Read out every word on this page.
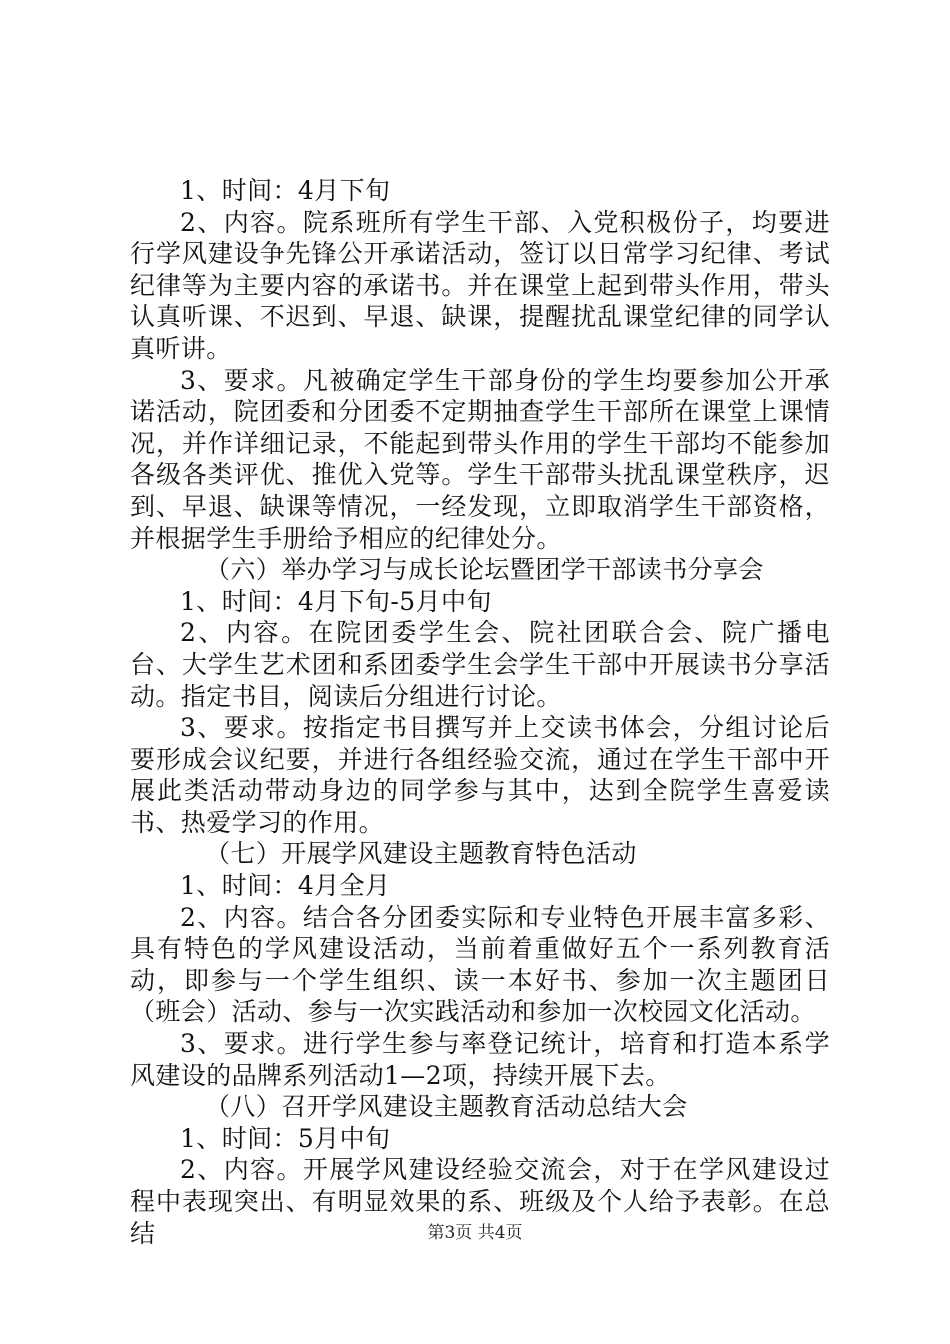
1、时间：4月下旬

2、内容。院系班所有学生干部、入党积极份子，均要进行学风建设争先锋公开承诺活动，签订以日常学习纪律、考试纪律等为主要内容的承诺书。并在课堂上起到带头作用，带头认真听课、不迟到、早退、缺课，提醒扰乱课堂纪律的同学认真听讲。

3、要求。凡被确定学生干部身份的学生均要参加公开承诺活动，院团委和分团委不定期抽查学生干部所在课堂上课情况，并作详细记录，不能起到带头作用的学生干部均不能参加各级各类评优、推优入党等。学生干部带头扰乱课堂秩序，迟到、早退、缺课等情况，一经发现，立即取消学生干部资格，并根据学生手册给予相应的纪律处分。

（六）举办学习与成长论坛暨团学干部读书分享会

1、时间：4月下旬-5月中旬

2、内容。在院团委学生会、院社团联合会、院广播电台、大学生艺术团和系团委学生会学生干部中开展读书分享活动。指定书目，阅读后分组进行讨论。

3、要求。按指定书目撰写并上交读书体会，分组讨论后要形成会议纪要，并进行各组经验交流，通过在学生干部中开展此类活动带动身边的同学参与其中，达到全院学生喜爱读书、热爱学习的作用。

（七）开展学风建设主题教育特色活动

1、时间：4月全月

2、内容。结合各分团委实际和专业特色开展丰富多彩、具有特色的学风建设活动，当前着重做好五个一系列教育活动，即参与一个学生组织、读一本好书、参加一次主题团日（班会）活动、参与一次实践活动和参加一次校园文化活动。

3、要求。进行学生参与率登记统计，培育和打造本系学风建设的品牌系列活动1—2项，持续开展下去。

（八）召开学风建设主题教育活动总结大会

1、时间：5月中旬

2、内容。开展学风建设经验交流会，对于在学风建设过程中表现突出、有明显效果的系、班级及个人给予表彰。在总结	第3页 共4页
